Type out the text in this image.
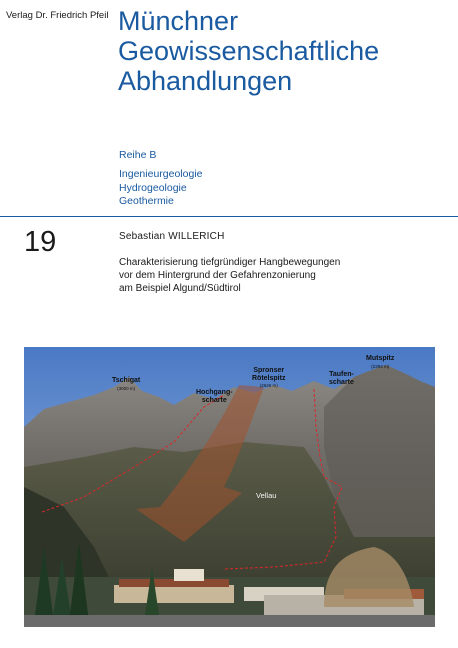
Verlag Dr. Friedrich Pfeil Münchner
Geowissenschaftliche
Abhandlungen
Reihe B
Ingenieurgeologie
Hydrogeologie
Geothermie
19	Sebastian WILLERICH
Charakterisierung tiefgründiger Hangbewegungen
vor dem Hintergrund der Gefahrenzonierung
am Beispiel Algund/Südtirol
Tschigat
(3000 m)
Hochgang-
scharte
Spronser
Rötelspitz
(2626 m)
Taufen-
scharte
Mutspitz
(2294 m)
Vellau
